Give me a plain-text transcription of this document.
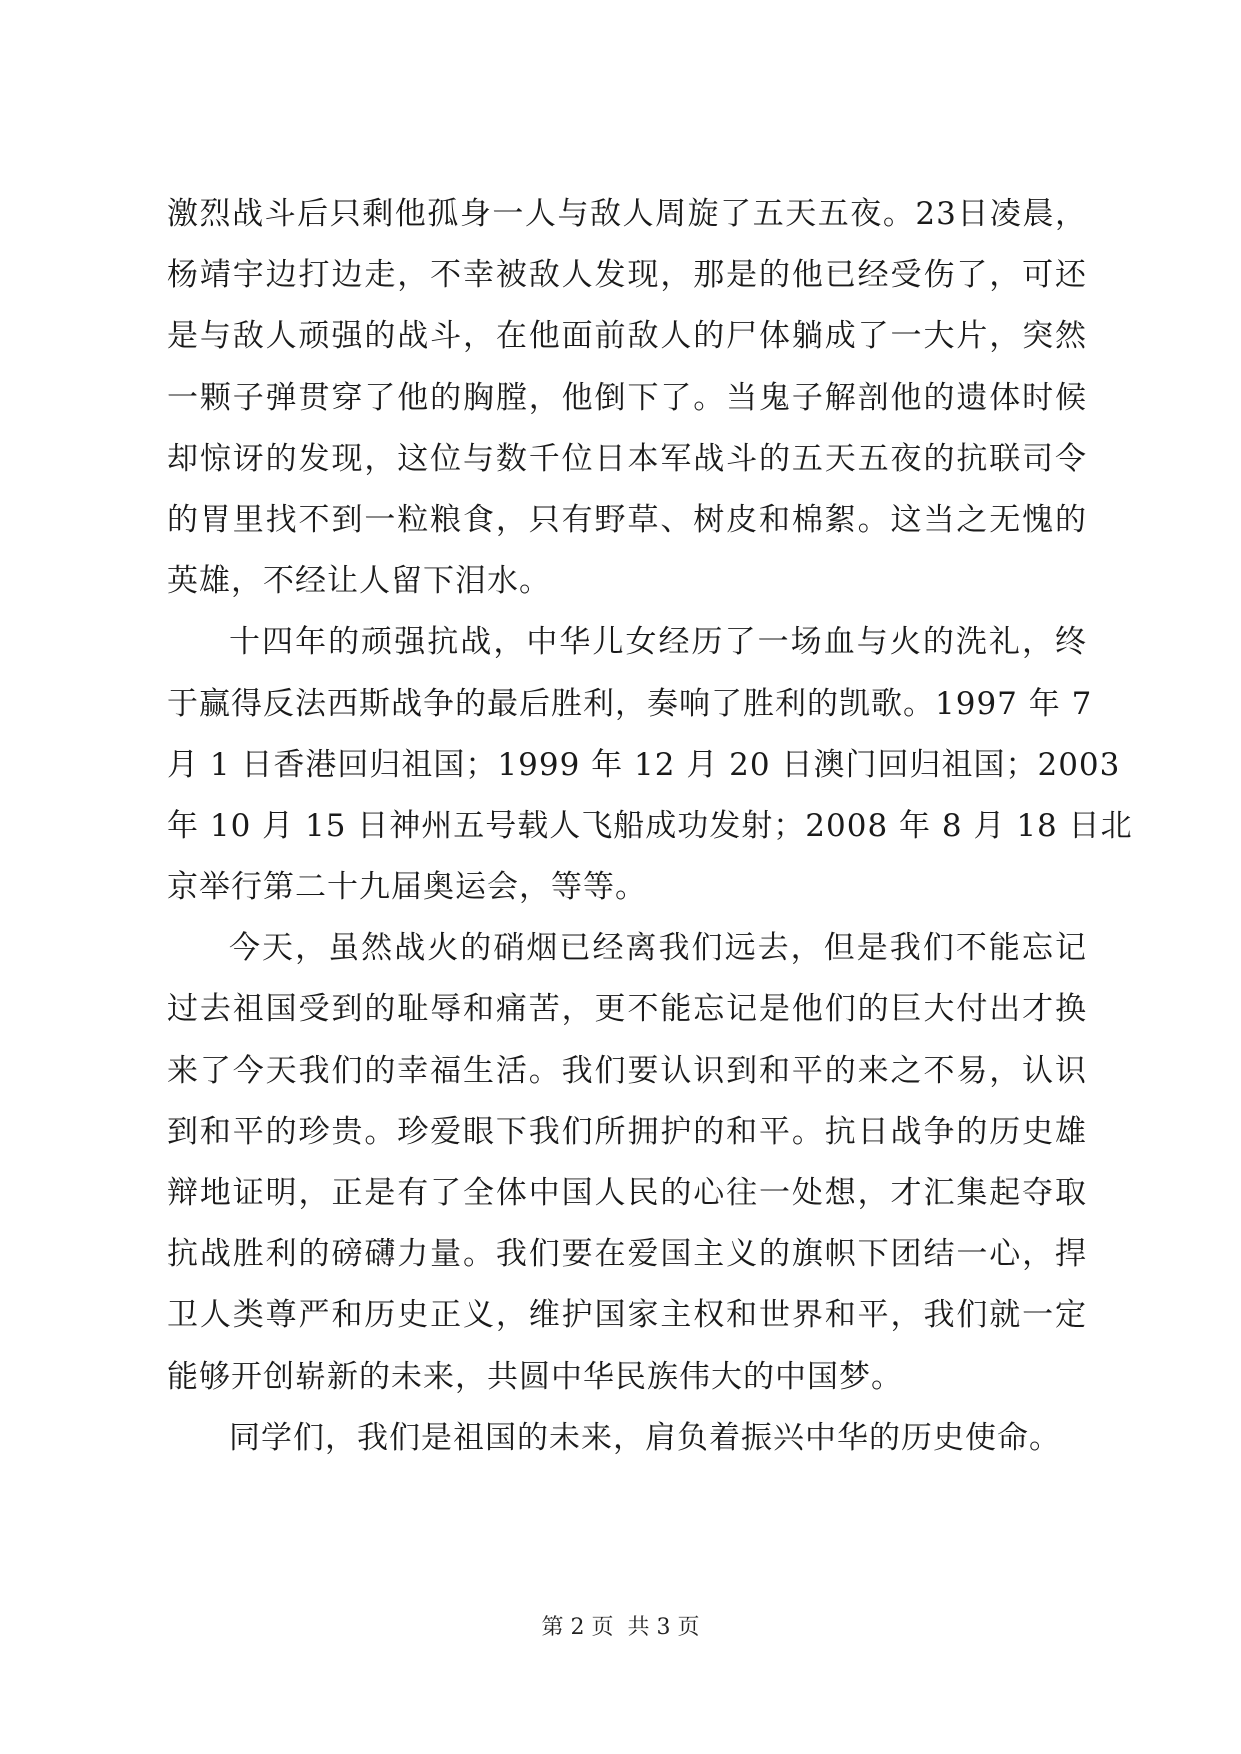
激烈战斗后只剩他孤身一人与敌人周旋了五天五夜。23日凌晨，
杨靖宇边打边走，不幸被敌人发现，那是的他已经受伤了，可还
是与敌人顽强的战斗，在他面前敌人的尸体躺成了一大片，突然
一颗子弹贯穿了他的胸膛，他倒下了。当鬼子解剖他的遗体时候
却惊讶的发现，这位与数千位日本军战斗的五天五夜的抗联司令
的胃里找不到一粒粮食，只有野草、树皮和棉絮。这当之无愧的
英雄，不经让人留下泪水。
十四年的顽强抗战，中华儿女经历了一场血与火的洗礼，终
于赢得反法西斯战争的最后胜利，奏响了胜利的凯歌。1997 年 7
月 1 日香港回归祖国；1999 年 12 月 20 日澳门回归祖国；2003
年 10 月 15 日神州五号载人飞船成功发射；2008 年 8 月 18 日北
京举行第二十九届奥运会，等等。
今天，虽然战火的硝烟已经离我们远去，但是我们不能忘记
过去祖国受到的耻辱和痛苦，更不能忘记是他们的巨大付出才换
来了今天我们的幸福生活。我们要认识到和平的来之不易，认识
到和平的珍贵。珍爱眼下我们所拥护的和平。抗日战争的历史雄
辩地证明，正是有了全体中国人民的心往一处想，才汇集起夺取
抗战胜利的磅礴力量。我们要在爱国主义的旗帜下团结一心，捍
卫人类尊严和历史正义，维护国家主权和世界和平，我们就一定
能够开创崭新的未来，共圆中华民族伟大的中国梦。
同学们，我们是祖国的未来，肩负着振兴中华的历史使命。
第 2 页  共 3 页
